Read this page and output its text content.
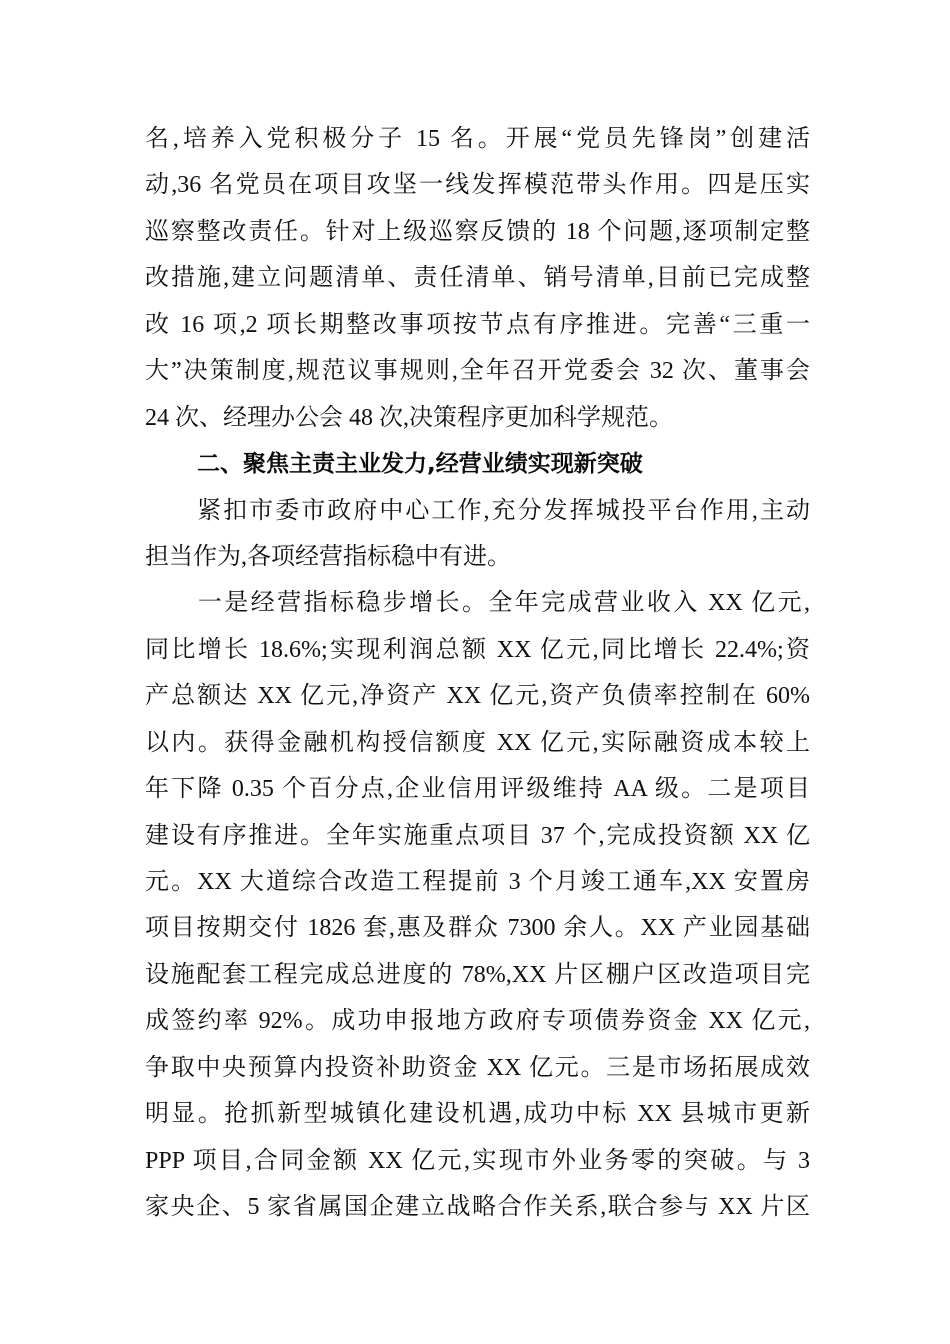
名,培养入党积极分子 15 名。开展“党员先锋岗”创建活
动,36 名党员在项目攻坚一线发挥模范带头作用。四是压实
巡察整改责任。针对上级巡察反馈的 18 个问题,逐项制定整
改措施,建立问题清单、责任清单、销号清单,目前已完成整
改 16 项,2 项长期整改事项按节点有序推进。完善“三重一
大”决策制度,规范议事规则,全年召开党委会 32 次、董事会
24 次、经理办公会 48 次,决策程序更加科学规范。
二、聚焦主责主业发力,经营业绩实现新突破
　　紧扣市委市政府中心工作,充分发挥城投平台作用,主动
担当作为,各项经营指标稳中有进。
　　一是经营指标稳步增长。全年完成营业收入 XX 亿元,
同比增长 18.6%;实现利润总额 XX 亿元,同比增长 22.4%;资
产总额达 XX 亿元,净资产 XX 亿元,资产负债率控制在 60%
以内。获得金融机构授信额度 XX 亿元,实际融资成本较上
年下降 0.35 个百分点,企业信用评级维持 AA 级。二是项目
建设有序推进。全年实施重点项目 37 个,完成投资额 XX 亿
元。XX 大道综合改造工程提前 3 个月竣工通车,XX 安置房
项目按期交付 1826 套,惠及群众 7300 余人。XX 产业园基础
设施配套工程完成总进度的 78%,XX 片区棚户区改造项目完
成签约率 92%。成功申报地方政府专项债券资金 XX 亿元,
争取中央预算内投资补助资金 XX 亿元。三是市场拓展成效
明显。抢抓新型城镇化建设机遇,成功中标 XX 县城市更新
PPP 项目,合同金额 XX 亿元,实现市外业务零的突破。与 3
家央企、5 家省属国企建立战略合作关系,联合参与 XX 片区
